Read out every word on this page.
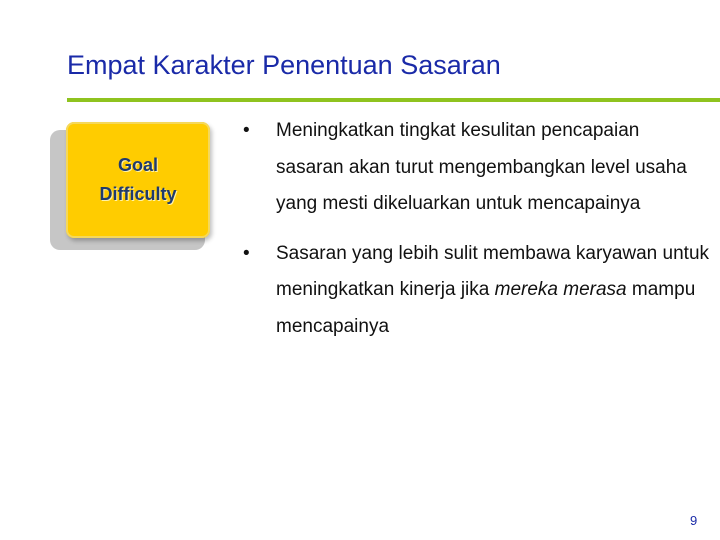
Empat Karakter Penentuan Sasaran
Goal
Difficulty
•	Meningkatkan tingkat kesulitan pencapaian sasaran akan turut mengembangkan level usaha yang mesti dikeluarkan untuk mencapainya
•	Sasaran yang lebih sulit membawa karyawan untuk meningkatkan kinerja jika mereka merasa mampu mencapainya
9
